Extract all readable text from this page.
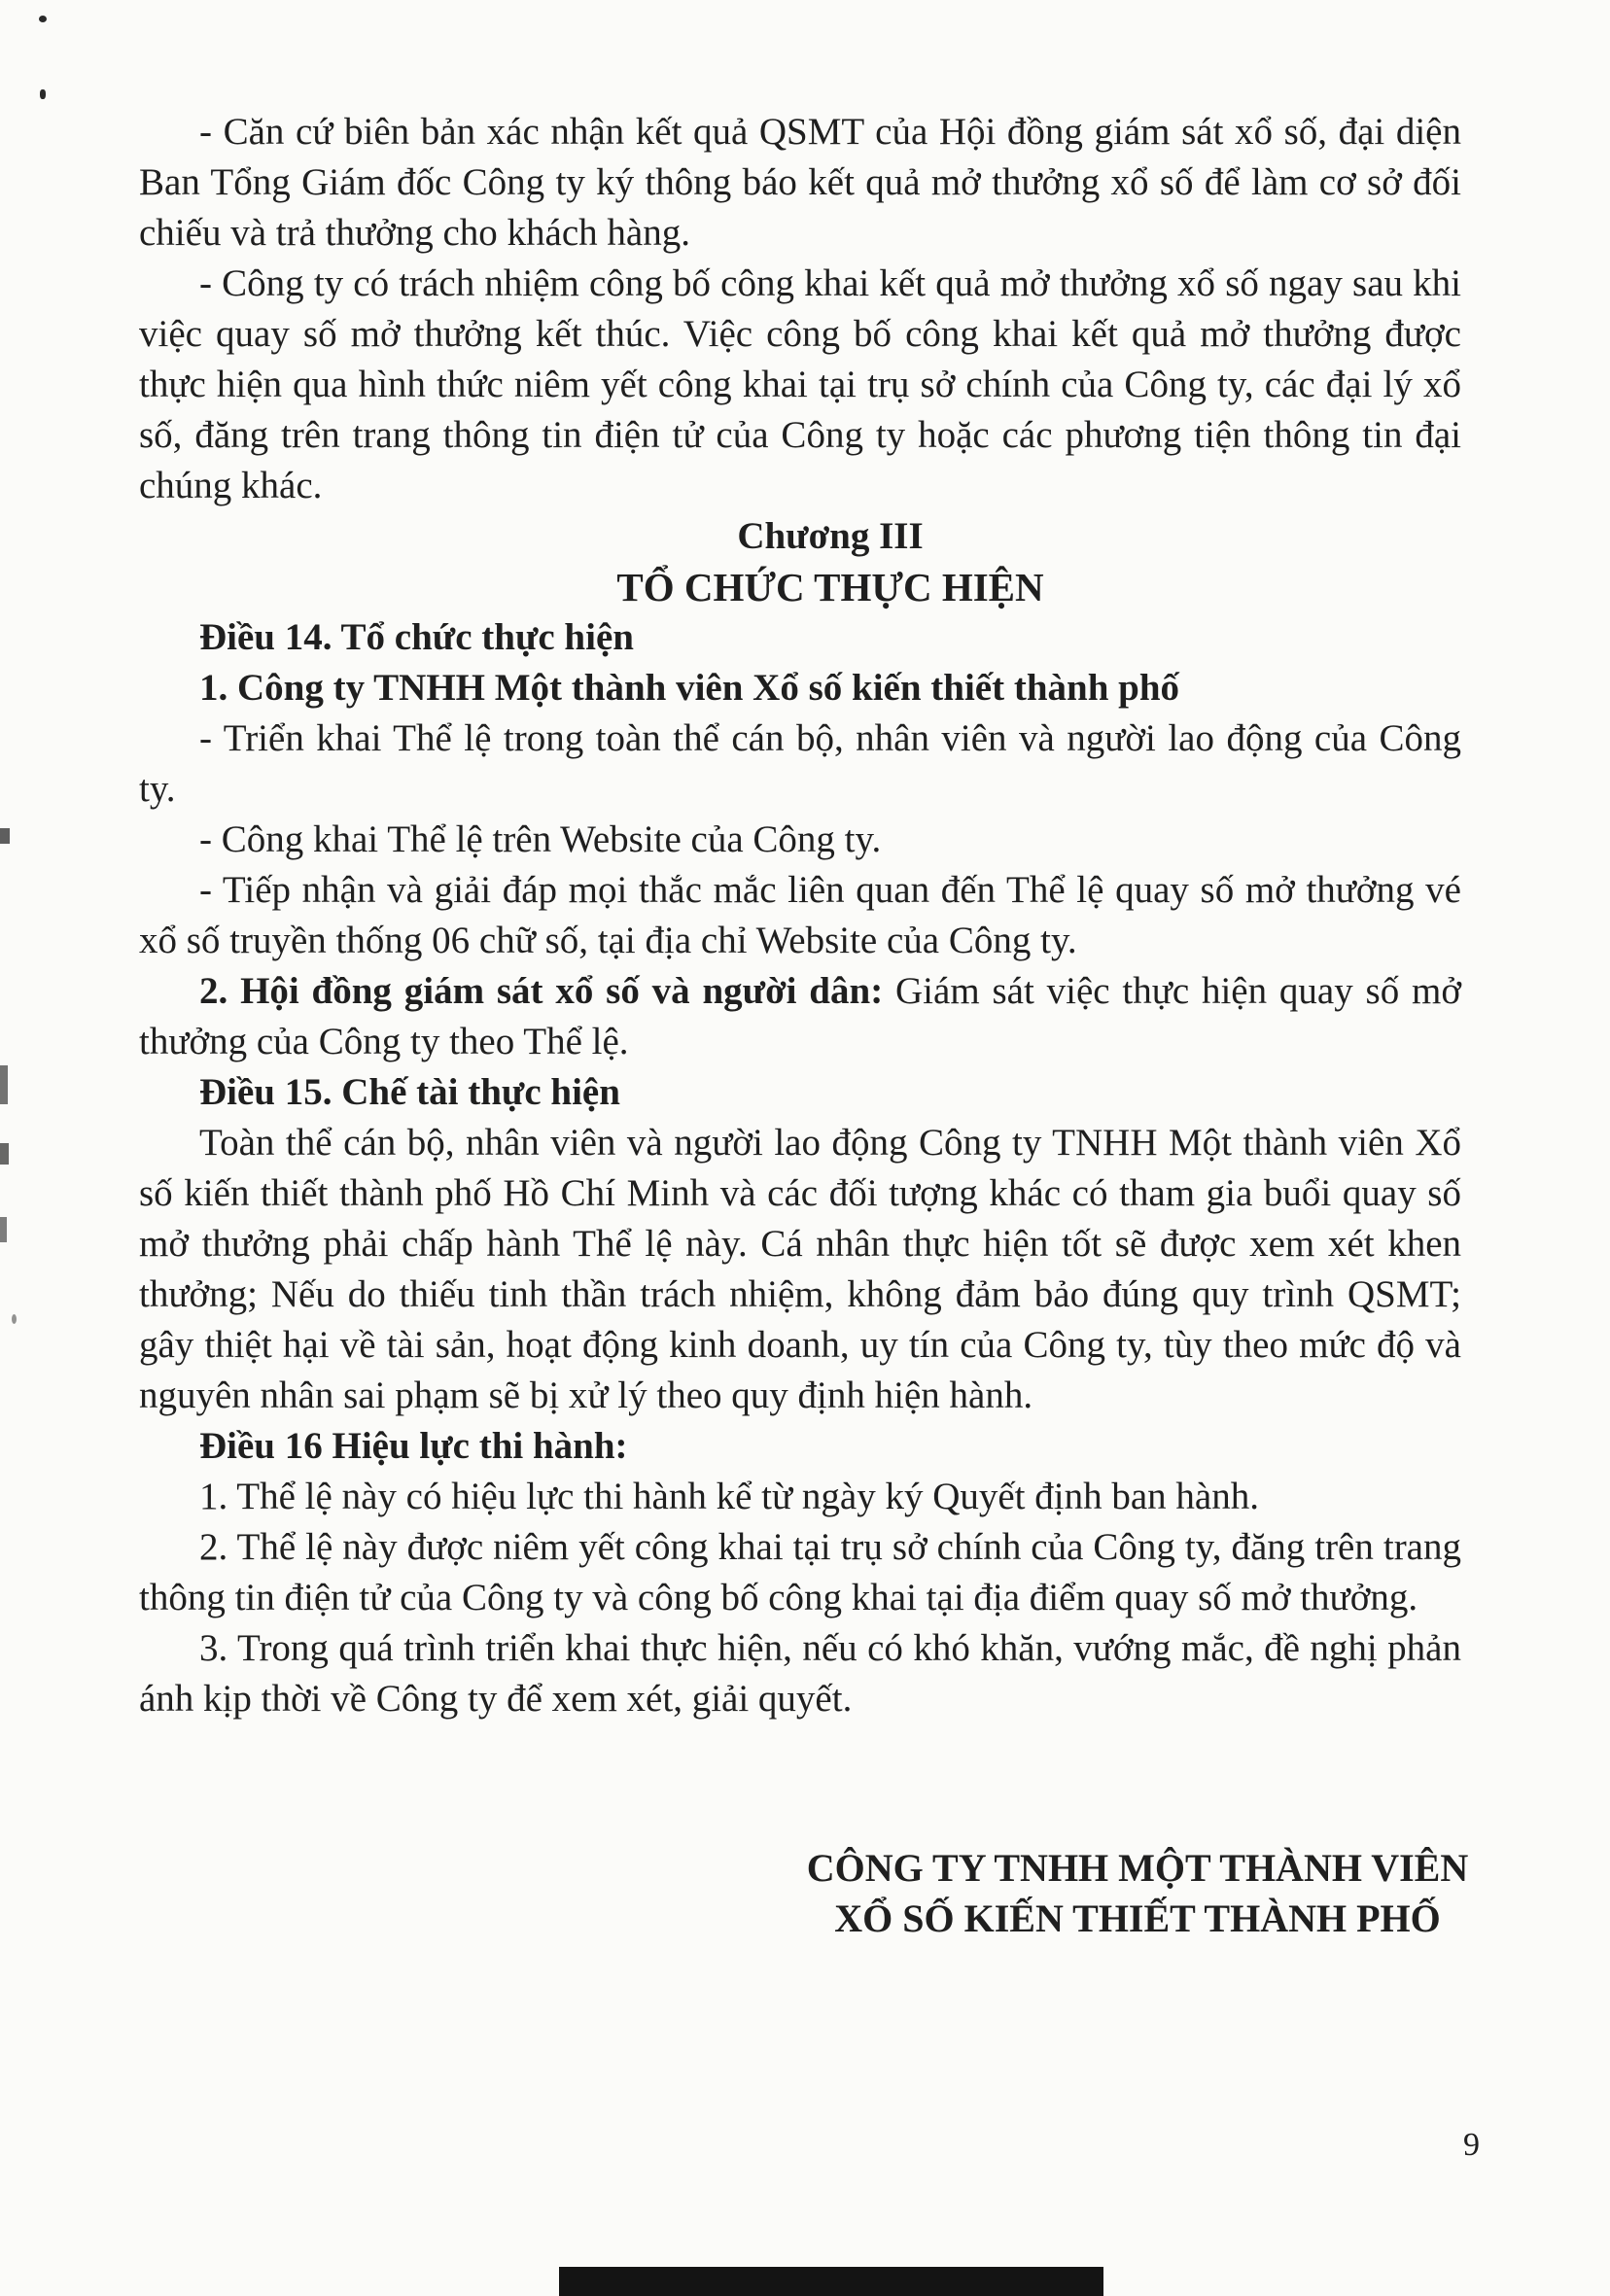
- Căn cứ biên bản xác nhận kết quả QSMT của Hội đồng giám sát xổ số, đại diện Ban Tổng Giám đốc Công ty ký thông báo kết quả mở thưởng xổ số để làm cơ sở đối chiếu và trả thưởng cho khách hàng.

- Công ty có trách nhiệm công bố công khai kết quả mở thưởng xổ số ngay sau khi việc quay số mở thưởng kết thúc. Việc công bố công khai kết quả mở thưởng được thực hiện qua hình thức niêm yết công khai tại trụ sở chính của Công ty, các đại lý xổ số, đăng trên trang thông tin điện tử của Công ty hoặc các phương tiện thông tin đại chúng khác.

Chương III

TỔ CHỨC THỰC HIỆN

Điều 14. Tổ chức thực hiện

1. Công ty TNHH Một thành viên Xổ số kiến thiết thành phố

- Triển khai Thể lệ trong toàn thể cán bộ, nhân viên và người lao động của Công ty.

- Công khai Thể lệ trên Website của Công ty.

- Tiếp nhận và giải đáp mọi thắc mắc liên quan đến Thể lệ quay số mở thưởng vé xổ số truyền thống 06 chữ số, tại địa chỉ Website của Công ty.

2. Hội đồng giám sát xổ số và người dân: Giám sát việc thực hiện quay số mở thưởng của Công ty theo Thể lệ.

Điều 15. Chế tài thực hiện

Toàn thể cán bộ, nhân viên và người lao động Công ty TNHH Một thành viên Xổ số kiến thiết thành phố Hồ Chí Minh và các đối tượng khác có tham gia buổi quay số mở thưởng phải chấp hành Thể lệ này. Cá nhân thực hiện tốt sẽ được xem xét khen thưởng; Nếu do thiếu tinh thần trách nhiệm, không đảm bảo đúng quy trình QSMT; gây thiệt hại về tài sản, hoạt động kinh doanh, uy tín của Công ty, tùy theo mức độ và nguyên nhân sai phạm sẽ bị xử lý theo quy định hiện hành.

Điều 16 Hiệu lực thi hành:

1. Thể lệ này có hiệu lực thi hành kể từ ngày ký Quyết định ban hành.

2. Thể lệ này được niêm yết công khai tại trụ sở chính của Công ty, đăng trên trang thông tin điện tử của Công ty và công bố công khai tại địa điểm quay số mở thưởng.

3. Trong quá trình triển khai thực hiện, nếu có khó khăn, vướng mắc, đề nghị phản ánh kịp thời về Công ty để xem xét, giải quyết.

CÔNG TY TNHH MỘT THÀNH VIÊN
XỔ SỐ KIẾN THIẾT THÀNH PHỐ
9
